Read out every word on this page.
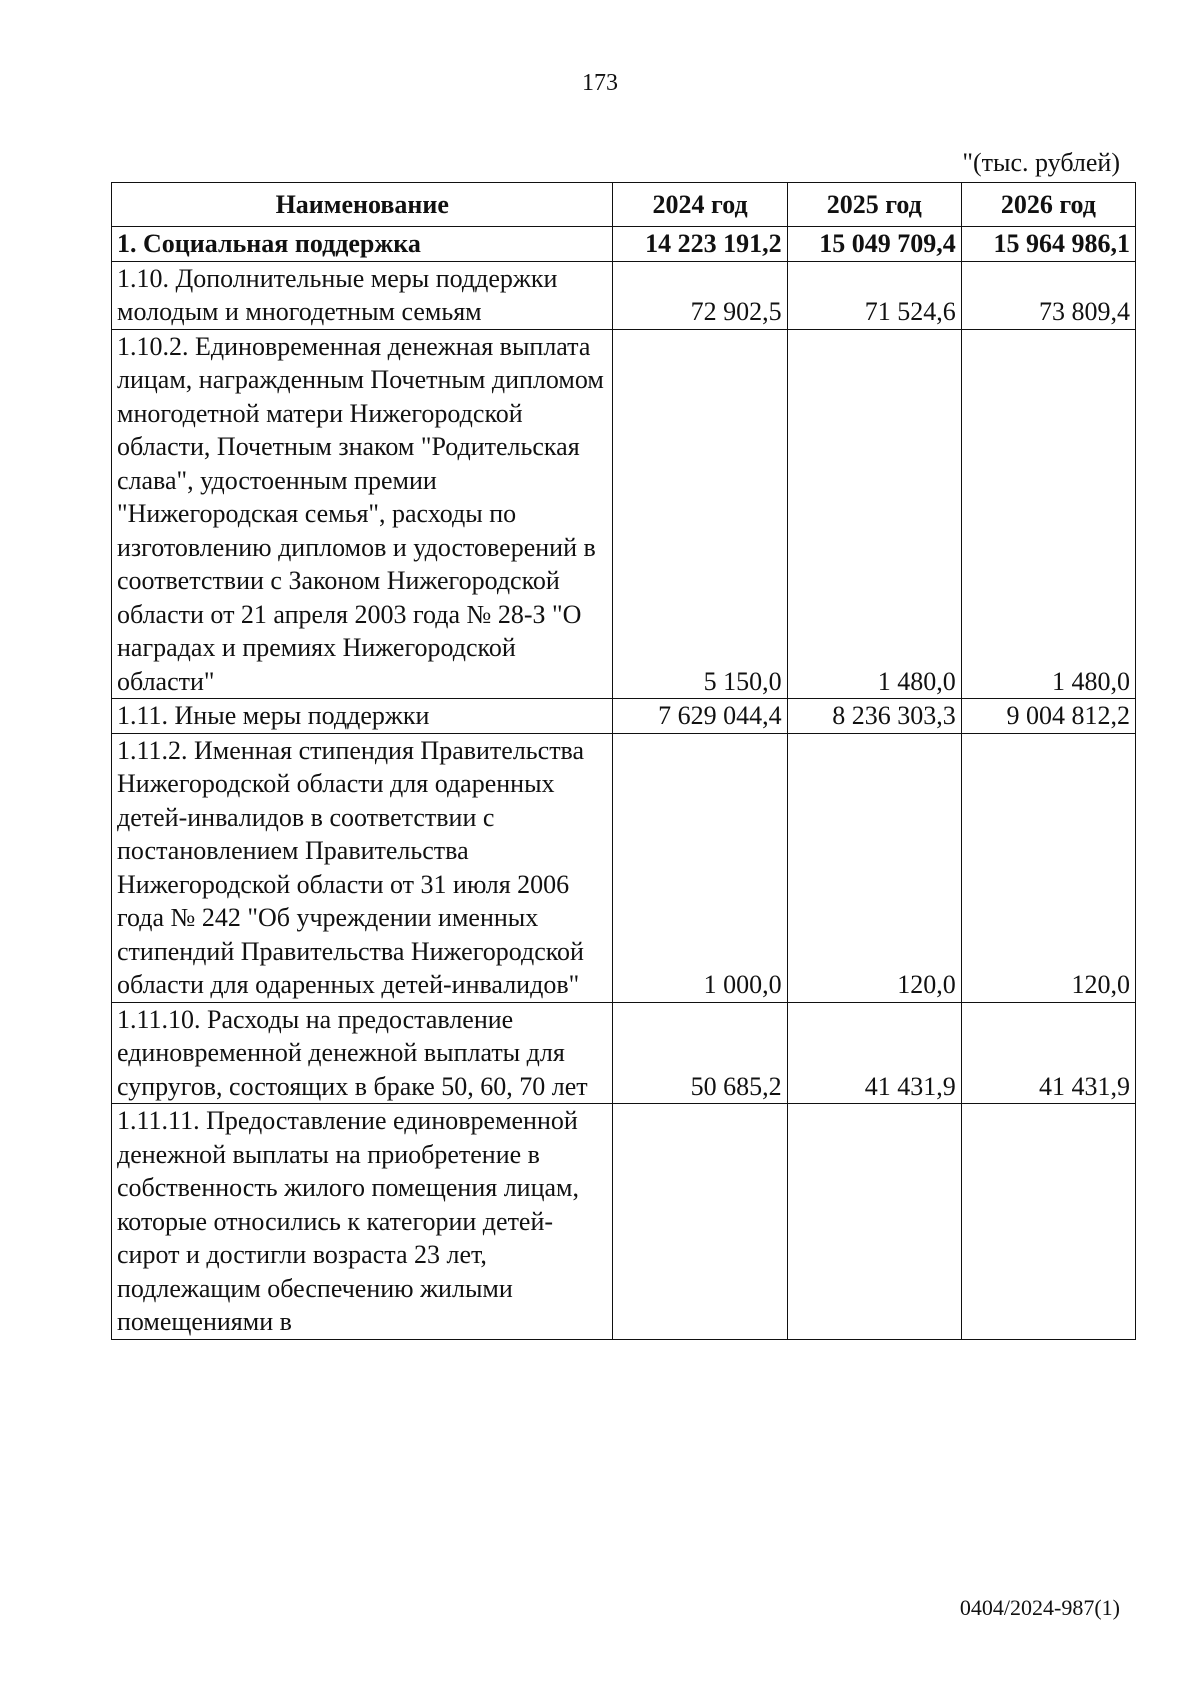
173
"(тыс. рублей)
Наименование	2024 год	2025 год	2026 год
1. Социальная поддержка	14 223 191,2	15 049 709,4	15 964 986,1
1.10. Дополнительные меры поддержки молодым и многодетным семьям	72 902,5	71 524,6	73 809,4
1.10.2. Единовременная денежная выплата лицам, награжденным Почетным дипломом многодетной матери Нижегородской области, Почетным знаком "Родительская слава", удостоенным премии "Нижегородская семья", расходы по изготовлению дипломов и удостоверений в соответствии с Законом Нижегородской области от 21 апреля 2003 года № 28-З "О наградах и премиях Нижегородской области"	5 150,0	1 480,0	1 480,0
1.11. Иные меры поддержки	7 629 044,4	8 236 303,3	9 004 812,2
1.11.2. Именная стипендия Правительства Нижегородской области для одаренных детей-инвалидов в соответствии с постановлением Правительства Нижегородской области от 31 июля 2006 года № 242 "Об учреждении именных стипендий Правительства Нижегородской области для одаренных детей-инвалидов"	1 000,0	120,0	120,0
1.11.10. Расходы на предоставление единовременной денежной выплаты для супругов, состоящих в браке 50, 60, 70 лет	50 685,2	41 431,9	41 431,9
1.11.11. Предоставление единовременной денежной выплаты на приобретение в собственность жилого помещения лицам, которые относились к категории детей-сирот и достигли возраста 23 лет, подлежащим обеспечению жилыми помещениями в			
0404/2024-987(1)
